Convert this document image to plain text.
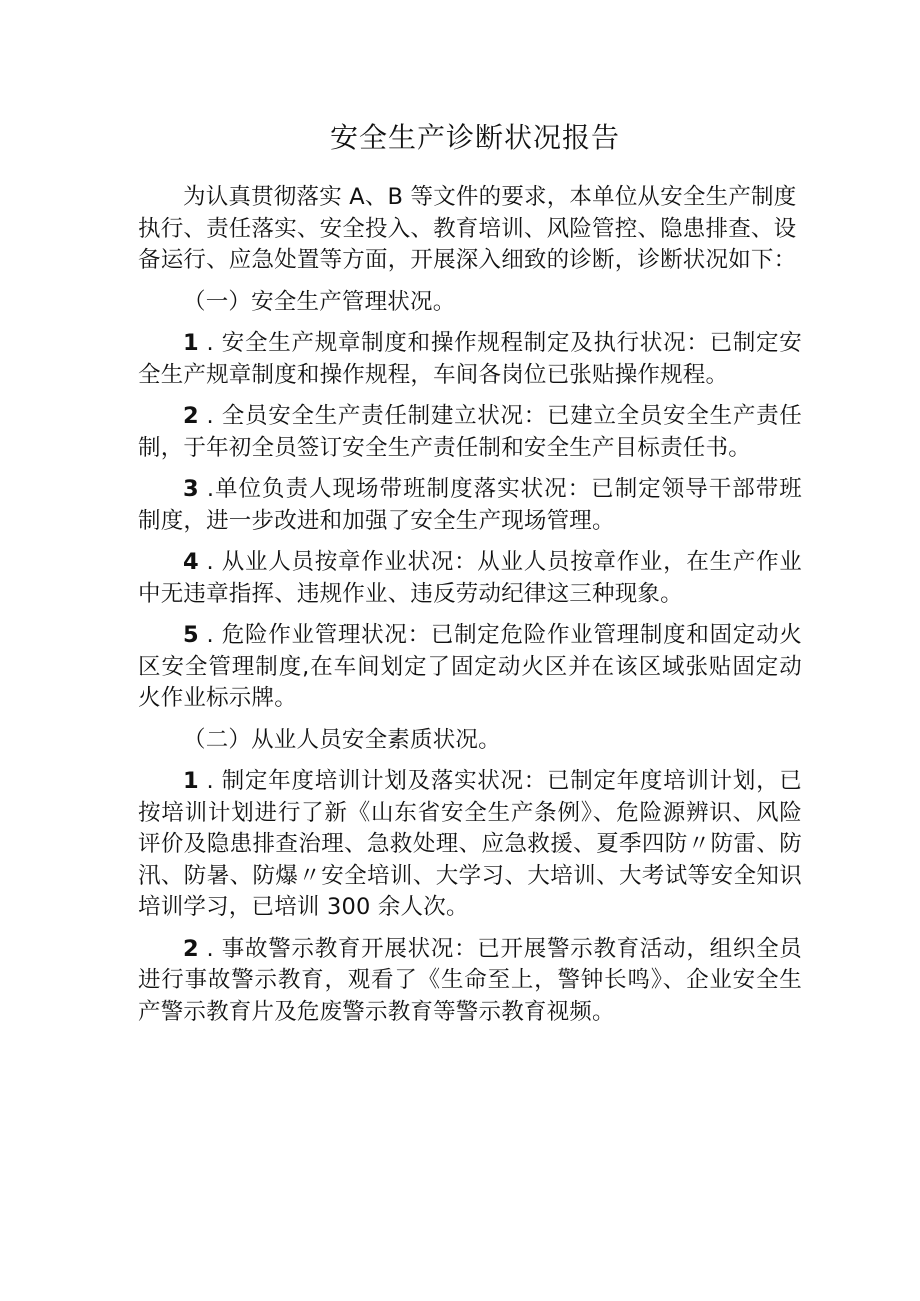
安全生产诊断状况报告

为认真贯彻落实 A、B 等文件的要求，本单位从安全生产制度执行、责任落实、安全投入、教育培训、风险管控、隐患排查、设备运行、应急处置等方面，开展深入细致的诊断，诊断状况如下：

（一）安全生产管理状况。

1 . 安全生产规章制度和操作规程制定及执行状况：已制定安全生产规章制度和操作规程，车间各岗位已张贴操作规程。

2 . 全员安全生产责任制建立状况：已建立全员安全生产责任制，于年初全员签订安全生产责任制和安全生产目标责任书。

3 .单位负责人现场带班制度落实状况：已制定领导干部带班制度，进一步改进和加强了安全生产现场管理。

4 . 从业人员按章作业状况：从业人员按章作业，在生产作业中无违章指挥、违规作业、违反劳动纪律这三种现象。

5 . 危险作业管理状况：已制定危险作业管理制度和固定动火区安全管理制度,在车间划定了固定动火区并在该区域张贴固定动火作业标示牌。

（二）从业人员安全素质状况。

1 . 制定年度培训计划及落实状况：已制定年度培训计划，已按培训计划进行了新《山东省安全生产条例》、危险源辨识、风险评价及隐患排查治理、急救处理、应急救援、夏季四防〃防雷、防汛、防暑、防爆〃安全培训、大学习、大培训、大考试等安全知识培训学习，已培训 300 余人次。

2 . 事故警示教育开展状况：已开展警示教育活动，组织全员进行事故警示教育，观看了《生命至上，警钟长鸣》、企业安全生产警示教育片及危废警示教育等警示教育视频。
